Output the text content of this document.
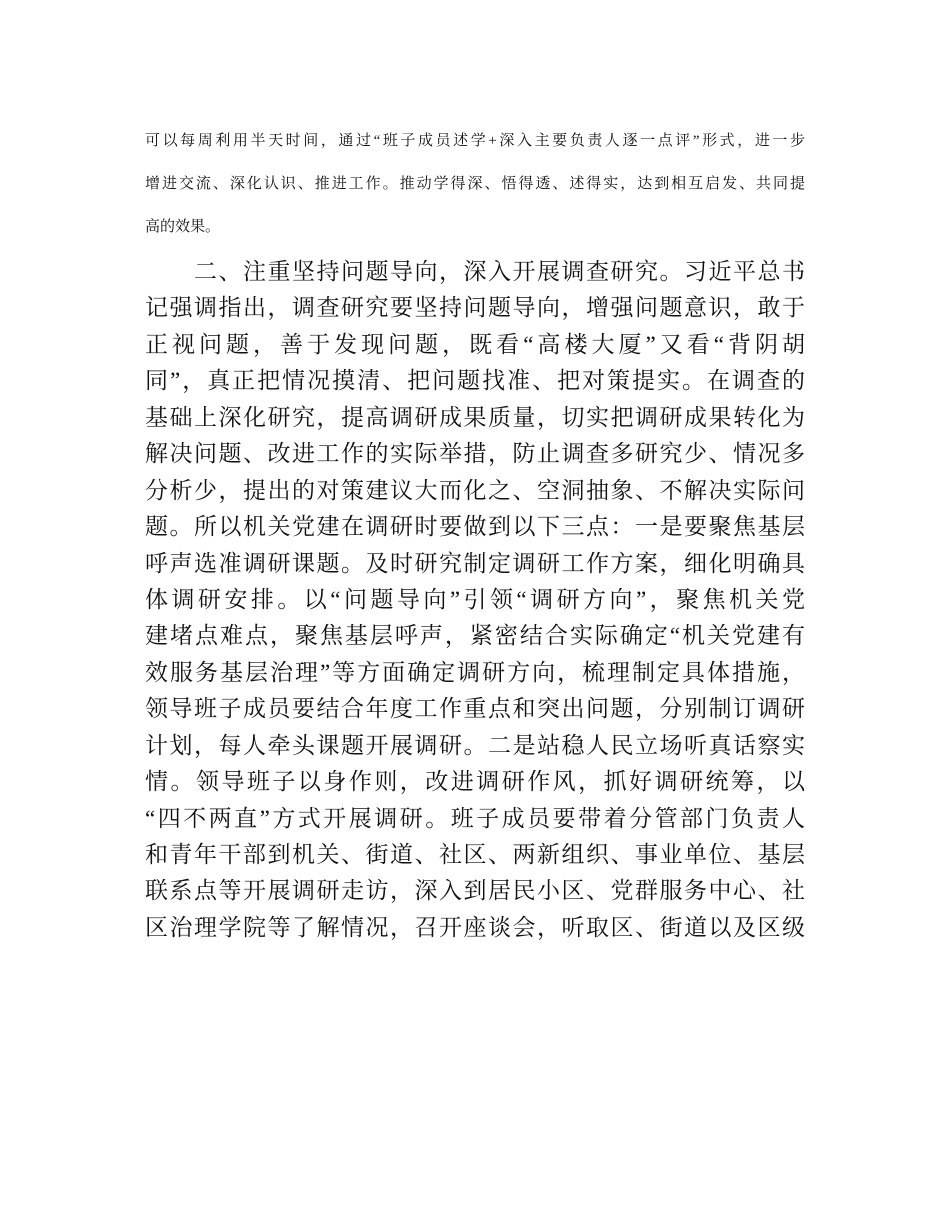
可以每周利用半天时间，通过“班子成员述学+深入主要负责人逐一点评”形式，进一步
增进交流、深化认识、推进工作。推动学得深、悟得透、述得实，达到相互启发、共同提
高的效果。
　　二、注重坚持问题导向，深入开展调查研究。习近平总书
记强调指出，调查研究要坚持问题导向，增强问题意识，敢于
正视问题，善于发现问题，既看“高楼大厦”又看“背阴胡
同”，真正把情况摸清、把问题找准、把对策提实。在调查的
基础上深化研究，提高调研成果质量，切实把调研成果转化为
解决问题、改进工作的实际举措，防止调查多研究少、情况多
分析少，提出的对策建议大而化之、空洞抽象、不解决实际问
题。所以机关党建在调研时要做到以下三点：一是要聚焦基层
呼声选准调研课题。及时研究制定调研工作方案，细化明确具
体调研安排。以“问题导向”引领“调研方向”，聚焦机关党
建堵点难点，聚焦基层呼声，紧密结合实际确定“机关党建有
效服务基层治理”等方面确定调研方向，梳理制定具体措施，
领导班子成员要结合年度工作重点和突出问题，分别制订调研
计划，每人牵头课题开展调研。二是站稳人民立场听真话察实
情。领导班子以身作则，改进调研作风，抓好调研统筹，以
“四不两直”方式开展调研。班子成员要带着分管部门负责人
和青年干部到机关、街道、社区、两新组织、事业单位、基层
联系点等开展调研走访，深入到居民小区、党群服务中心、社
区治理学院等了解情况，召开座谈会，听取区、街道以及区级
